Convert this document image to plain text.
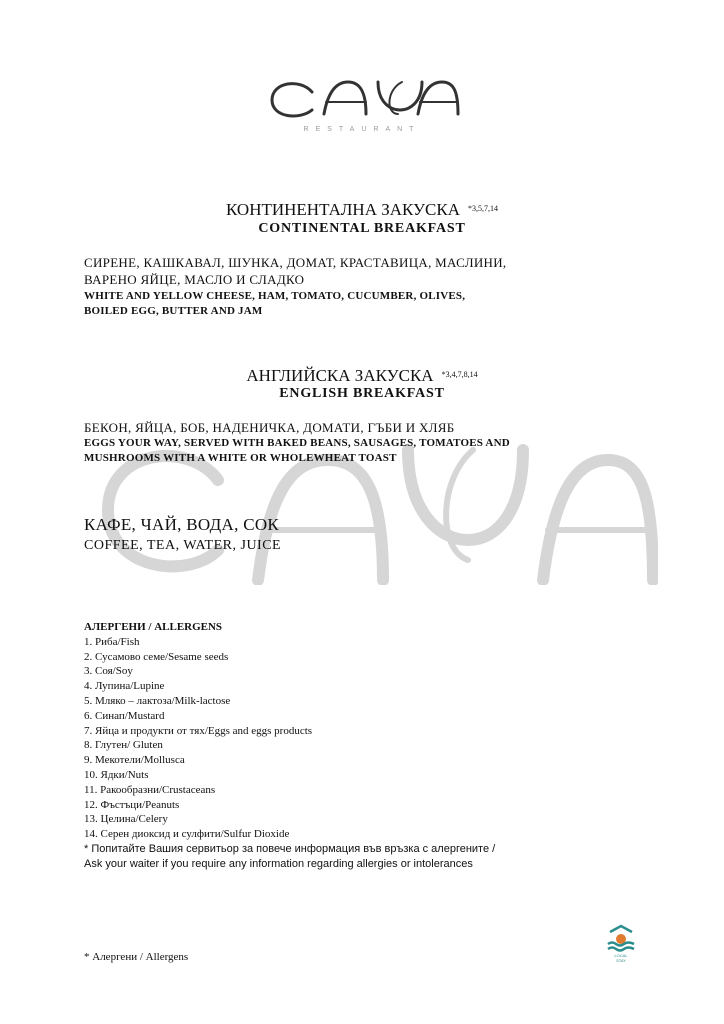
RESTAURANT
КОНТИНЕНТАЛНА ЗАКУСКА $^{*3,5,7,14}$
CONTINENTAL BREAKFAST
СИРЕНЕ, КАШКАВАЛ, ШУНКА, ДОМАТ, КРАСТАВИЦА, МАСЛИНИ,
ВАРЕНО ЯЙЦЕ, МАСЛО И СЛАДКО
WHITE AND YELLOW CHEESE, HAM, TOMATO, CUCUMBER, OLIVES,
BOILED EGG, BUTTER AND JAM
АНГЛИЙСКА ЗАКУСКА $^{*3,4,7,8,14}$
ENGLISH BREAKFAST
БЕКОН, ЯЙЦА, БОБ, НАДЕНИЧКА, ДОМАТИ, ГЪБИ И ХЛЯБ
EGGS YOUR WAY, SERVED WITH BAKED BEANS, SAUSAGES, TOMATOES AND
MUSHROOMS WITH A WHITE OR WHOLEWHEAT TOAST
КАФЕ, ЧАЙ, ВОДА, СОК
COFFEE, TEA, WATER, JUICE
АЛЕРГЕНИ / ALLERGENS
1. Риба/Fish
2. Сусамово семе/Sesame seeds
3. Соя/Soy
4. Лупина/Lupine
5. Мляко – лактоза/Milk-lactose
6. Синап/Mustard
7. Яйца и продукти от тях/Eggs and eggs products
8. Глутен/ Gluten
9. Мекотели/Mollusca
10. Ядки/Nuts
11. Ракообразни/Crustaceans
12. Фъстъци/Peanuts
13. Целина/Celery
14. Серен диоксид и сулфити/Sulfur Dioxide
* Попитайте Вашия сервитьор за повече информация във връзка с алергените /
Ask your waiter if you require any information regarding allergies or intolerances
* Алергени / Allergens	LOCAL
STAY
